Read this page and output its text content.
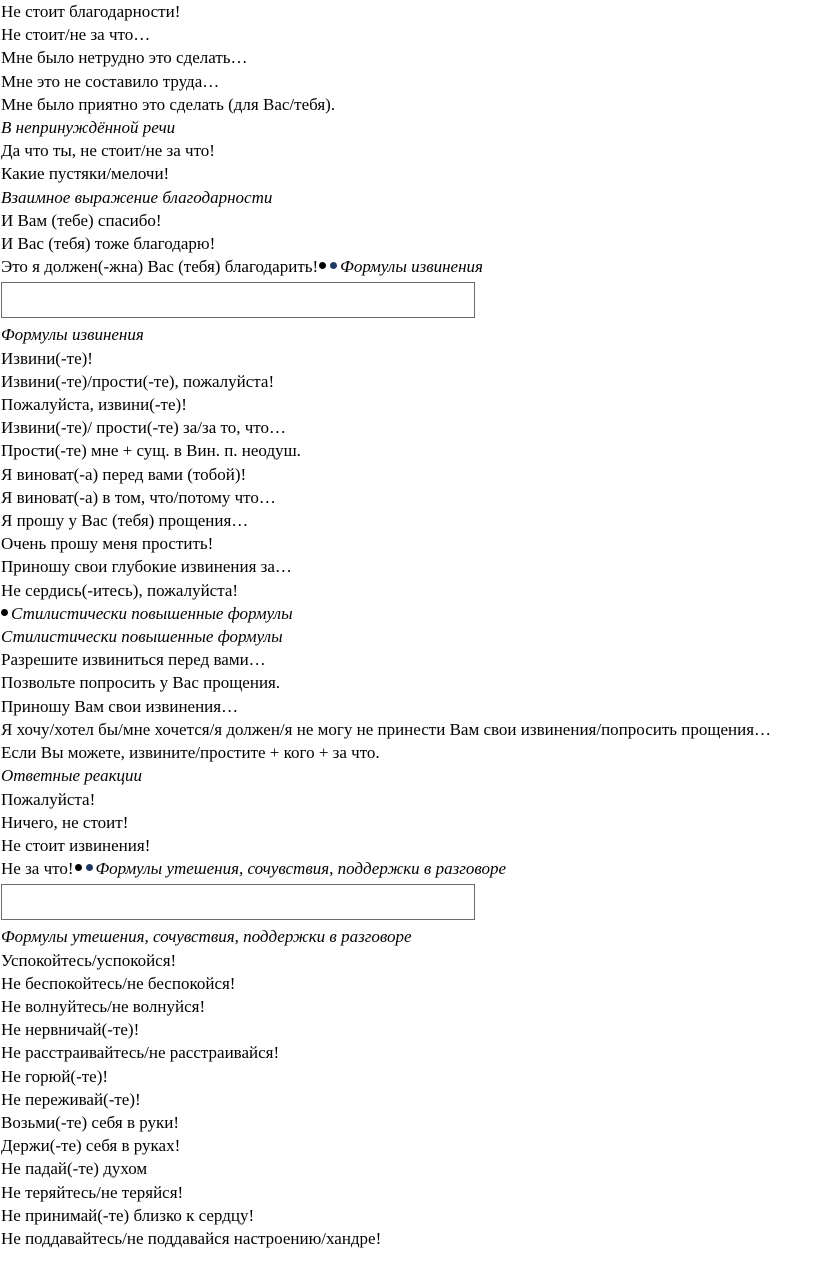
Не стоит благодарности!
Не стоит/не за что…
Мне было нетрудно это сделать…
Мне это не составило труда…
Мне было приятно это сделать (для Вас/тебя).
В непринуждённой речи
Да что ты, не стоит/не за что!
Какие пустяки/мелочи!
Взаимное выражение благодарности
И Вам (тебе) спасибо!
И Вас (тебя) тоже благодарю!
Это я должен(-жна) Вас (тебя) благодарить! Формулы извинения
Формулы извинения
Извини(-те)!
Извини(-те)/прости(-те), пожалуйста!
Пожалуйста, извини(-те)!
Извини(-те)/ прости(-те) за/за то, что…
Прости(-те) мне + сущ. в Вин. п. неодуш.
Я виноват(-а) перед вами (тобой)!
Я виноват(-а) в том, что/потому что…
Я прошу у Вас (тебя) прощения…
Очень прошу меня простить!
Приношу свои глубокие извинения за…
Не сердись(-итесь), пожалуйста!
Стилистически повышенные формулы
Стилистически повышенные формулы
Разрешите извиниться перед вами…
Позвольте попросить у Вас прощения.
Приношу Вам свои извинения…
Я хочу/хотел бы/мне хочется/я должен/я не могу не принести Вам свои извинения/попросить прощения…
Если Вы можете, извините/простите + кого + за что.
Ответные реакции
Пожалуйста!
Ничего, не стоит!
Не стоит извинения!
Не за что! Формулы утешения, сочувствия, поддержки в разговоре
Формулы утешения, сочувствия, поддержки в разговоре
Успокойтесь/успокойся!
Не беспокойтесь/не беспокойся!
Не волнуйтесь/не волнуйся!
Не нервничай(-те)!
Не расстраивайтесь/не расстраивайся!
Не горюй(-те)!
Не переживай(-те)!
Возьми(-те) себя в руки!
Держи(-те) себя в руках!
Не падай(-те) духом
Не теряйтесь/не теряйся!
Не принимай(-те) близко к сердцу!
Не поддавайтесь/не поддавайся настроению/хандре!
